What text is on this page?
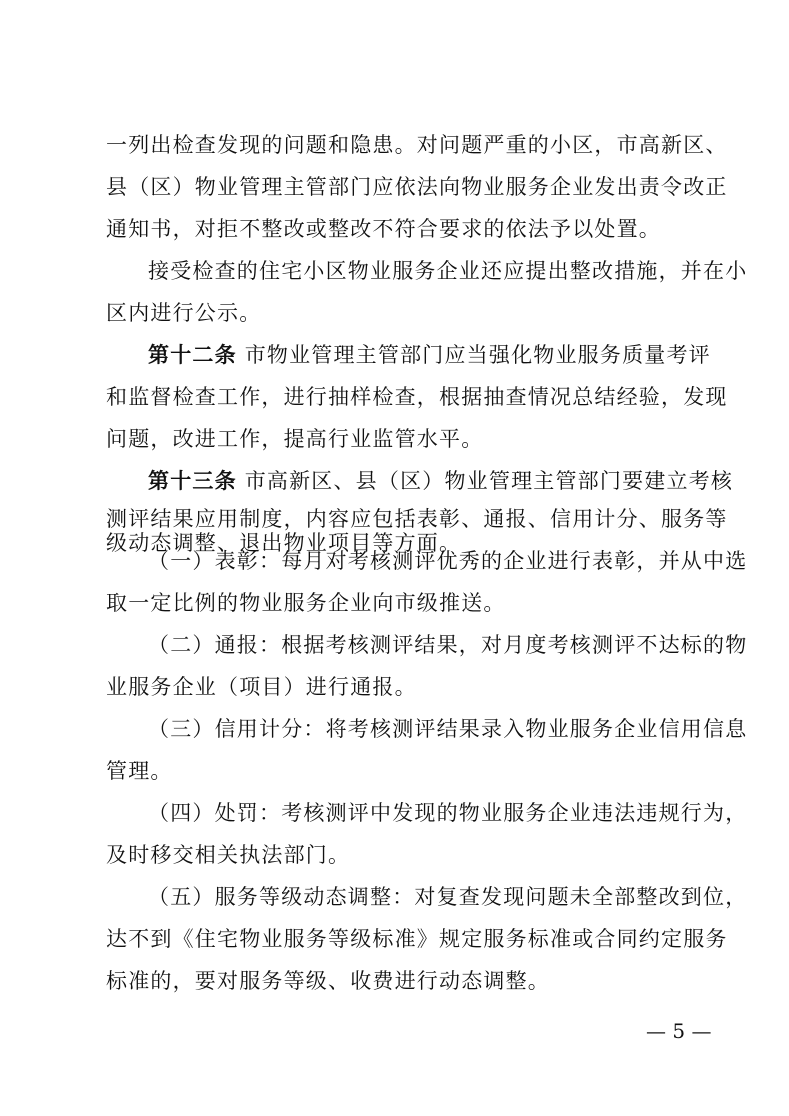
一列出检查发现的问题和隐患。对问题严重的小区，市高新区、
县（区）物业管理主管部门应依法向物业服务企业发出责令改正
通知书，对拒不整改或整改不符合要求的依法予以处置。
接受检查的住宅小区物业服务企业还应提出整改措施，并在小
区内进行公示。
第十二条 市物业管理主管部门应当强化物业服务质量考评
和监督检查工作，进行抽样检查，根据抽查情况总结经验，发现
问题，改进工作，提高行业监管水平。
第十三条 市高新区、县（区）物业管理主管部门要建立考核
测评结果应用制度，内容应包括表彰、通报、信用计分、服务等
级动态调整、退出物业项目等方面。
（一）表彰：每月对考核测评优秀的企业进行表彰，并从中选
取一定比例的物业服务企业向市级推送。
（二）通报：根据考核测评结果，对月度考核测评不达标的物
业服务企业（项目）进行通报。
（三）信用计分：将考核测评结果录入物业服务企业信用信息
管理。
（四）处罚：考核测评中发现的物业服务企业违法违规行为，
及时移交相关执法部门。
（五）服务等级动态调整：对复查发现问题未全部整改到位，
达不到《住宅物业服务等级标准》规定服务标准或合同约定服务
— 5 —
标准的，要对服务等级、收费进行动态调整。
